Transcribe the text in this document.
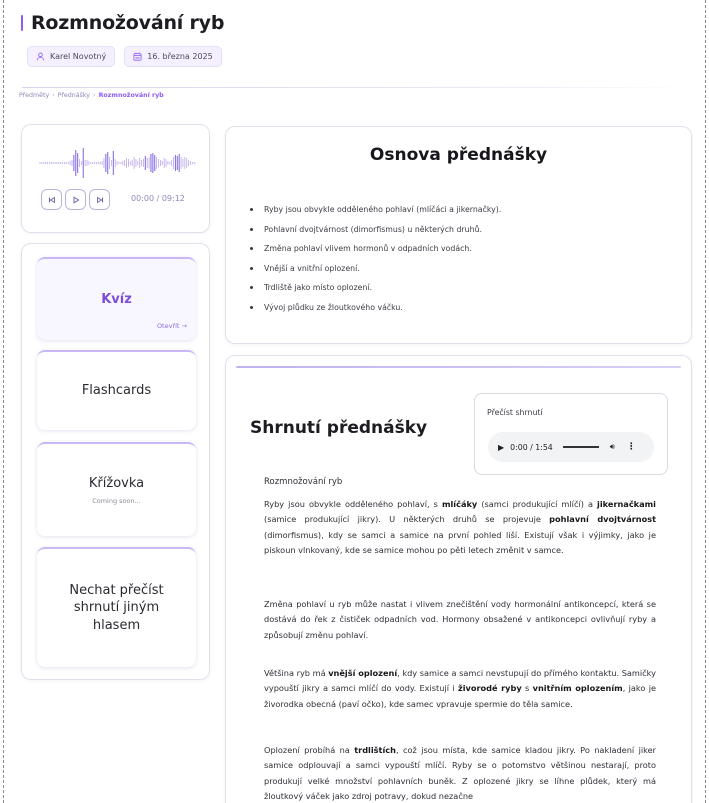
Rozmnožování ryb
Karel Novotný	16. března 2025
Předměty › Přednášky › Rozmnožování ryb
00:00 / 09:12
Kvíz
Otevřít →
Flashcards
Křížovka
Coming soon...
Nechat přečíst shrnutí jiným hlasem
Osnova přednášky
Ryby jsou obvykle odděleného pohlaví (mlíčáci a jikernačky).
Pohlavní dvojtvárnost (dimorfismus) u některých druhů.
Změna pohlaví vlivem hormonů v odpadních vodách.
Vnější a vnitřní oplození.
Trdliště jako místo oplození.
Vývoj plůdku ze žloutkového váčku.
Shrnutí přednášky
Přečíst shrnutí
▶ 0:00 / 1:54	🔊︎ ⋮
Rozmnožování ryb

Ryby jsou obvykle odděleného pohlaví, s mlíčáky (samci produkující mlíčí) a jikernačkami (samice produkující jikry). U některých druhů se projevuje pohlavní dvojtvárnost (dimorfismus), kdy se samci a samice na první pohled liší. Existují však i výjimky, jako je piskoun vlnkovaný, kde se samice mohou po pěti letech změnit v samce.

Změna pohlaví u ryb může nastat i vlivem znečištění vody hormonální antikoncepcí, která se dostává do řek z čističek odpadních vod. Hormony obsažené v antikoncepci ovlivňují ryby a způsobují změnu pohlaví.

Většina ryb má vnější oplození, kdy samice a samci nevstupují do přímého kontaktu. Samičky vypouští jikry a samci mlíčí do vody. Existují i živorodé ryby s vnitřním oplozením, jako je živorodka obecná (paví očko), kde samec vpravuje spermie do těla samice.

Oplození probíhá na trdlištích, což jsou místa, kde samice kladou jikry. Po nakladení jiker samice odplouvají a samci vypouští mlíčí. Ryby se o potomstvo většinou nestarají, proto produkují velké množství pohlavních buněk. Z oplozené jikry se líhne plůdek, který má žloutkový váček jako zdroj potravy, dokud nezačne
